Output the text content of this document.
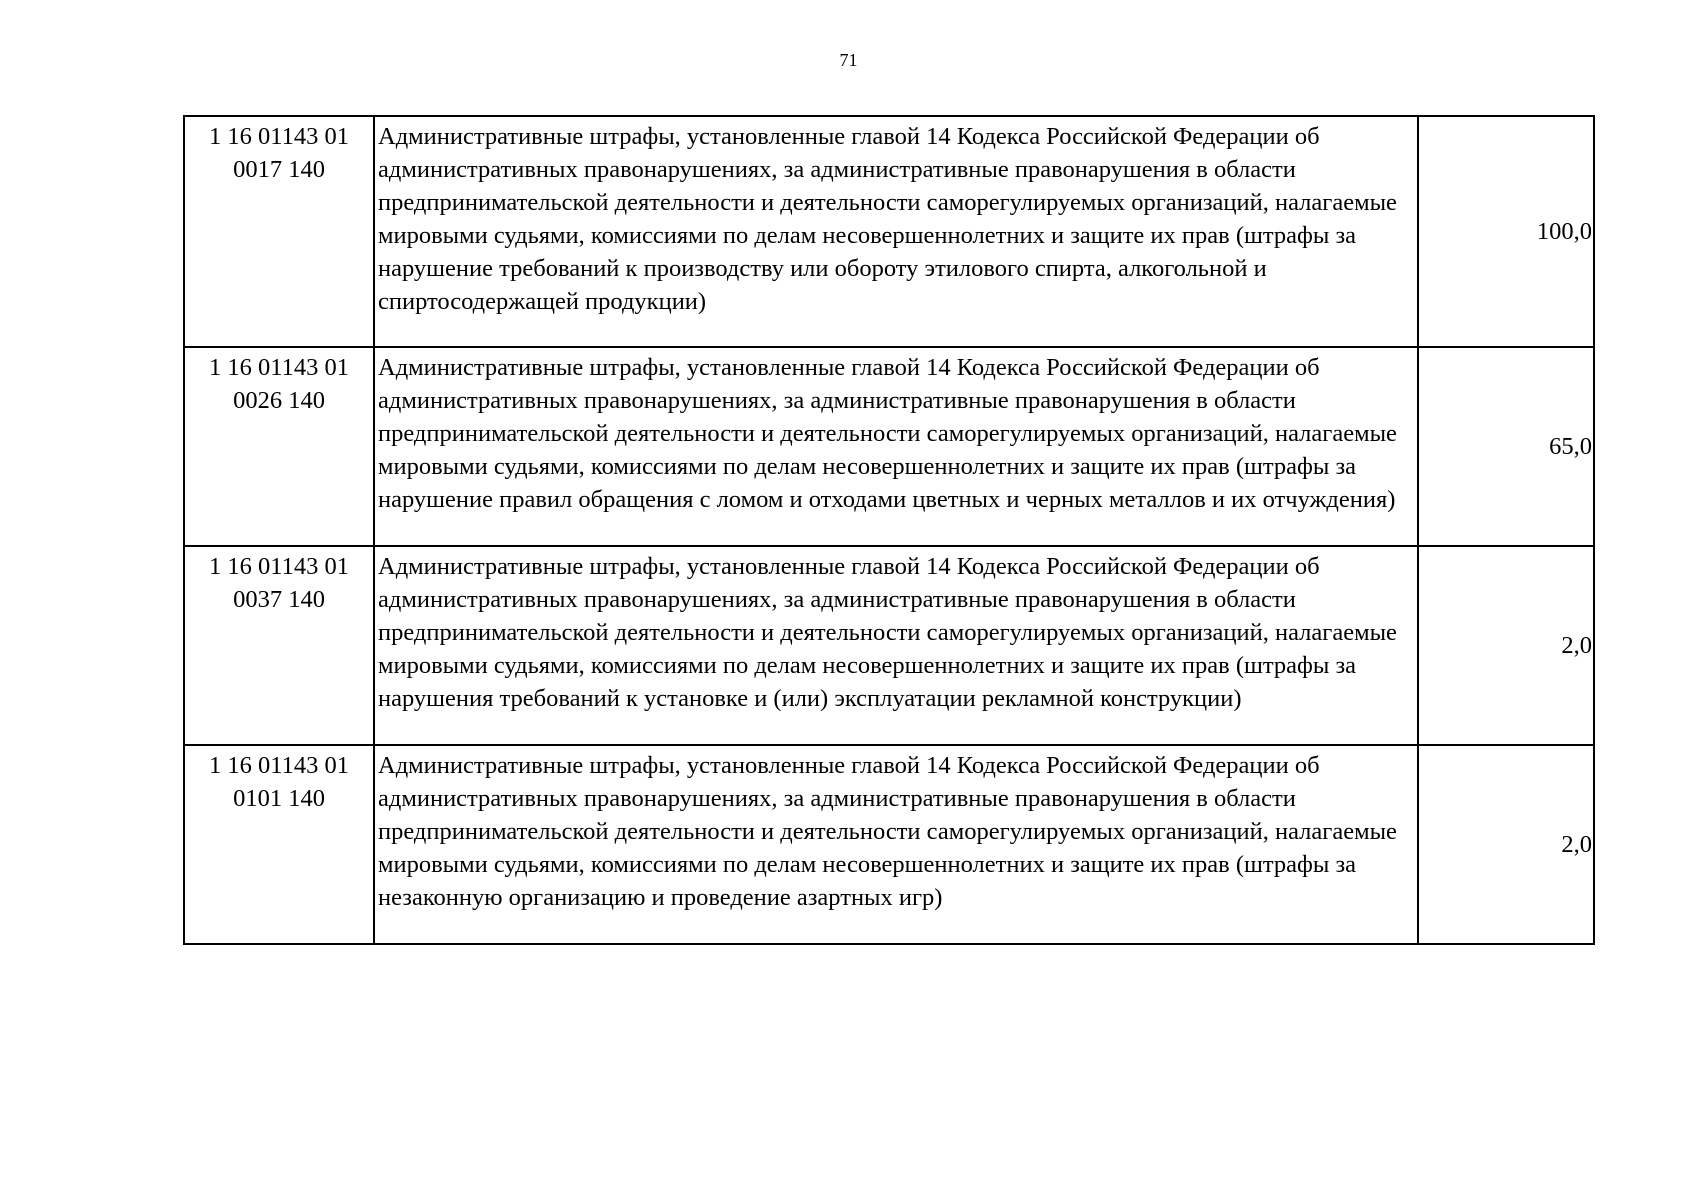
71
1 16 01143 01 0017 140	Административные штрафы, установленные главой 14 Кодекса Российской Федерации об административных правонарушениях, за административные правонарушения в области предпринимательской деятельности и деятельности саморегулируемых организаций, налагаемые мировыми судьями, комиссиями по делам несовершеннолетних и защите их прав (штрафы за нарушение требований к производству или обороту этилового спирта, алкогольной и спиртосодержащей продукции)	100,0
1 16 01143 01 0026 140	Административные штрафы, установленные главой 14 Кодекса Российской Федерации об административных правонарушениях, за административные правонарушения в области предпринимательской деятельности и деятельности саморегулируемых организаций, налагаемые мировыми судьями, комиссиями по делам несовершеннолетних и защите их прав (штрафы за нарушение правил обращения с ломом и отходами цветных и черных металлов и их отчуждения)	65,0
1 16 01143 01 0037 140	Административные штрафы, установленные главой 14 Кодекса Российской Федерации об административных правонарушениях, за административные правонарушения в области предпринимательской деятельности и деятельности саморегулируемых организаций, налагаемые мировыми судьями, комиссиями по делам несовершеннолетних и защите их прав (штрафы за нарушения требований к установке и (или) эксплуатации рекламной конструкции)	2,0
1 16 01143 01 0101 140	Административные штрафы, установленные главой 14 Кодекса Российской Федерации об административных правонарушениях, за административные правонарушения в области предпринимательской деятельности и деятельности саморегулируемых организаций, налагаемые мировыми судьями, комиссиями по делам несовершеннолетних и защите их прав (штрафы за незаконную организацию и проведение азартных игр)	2,0
